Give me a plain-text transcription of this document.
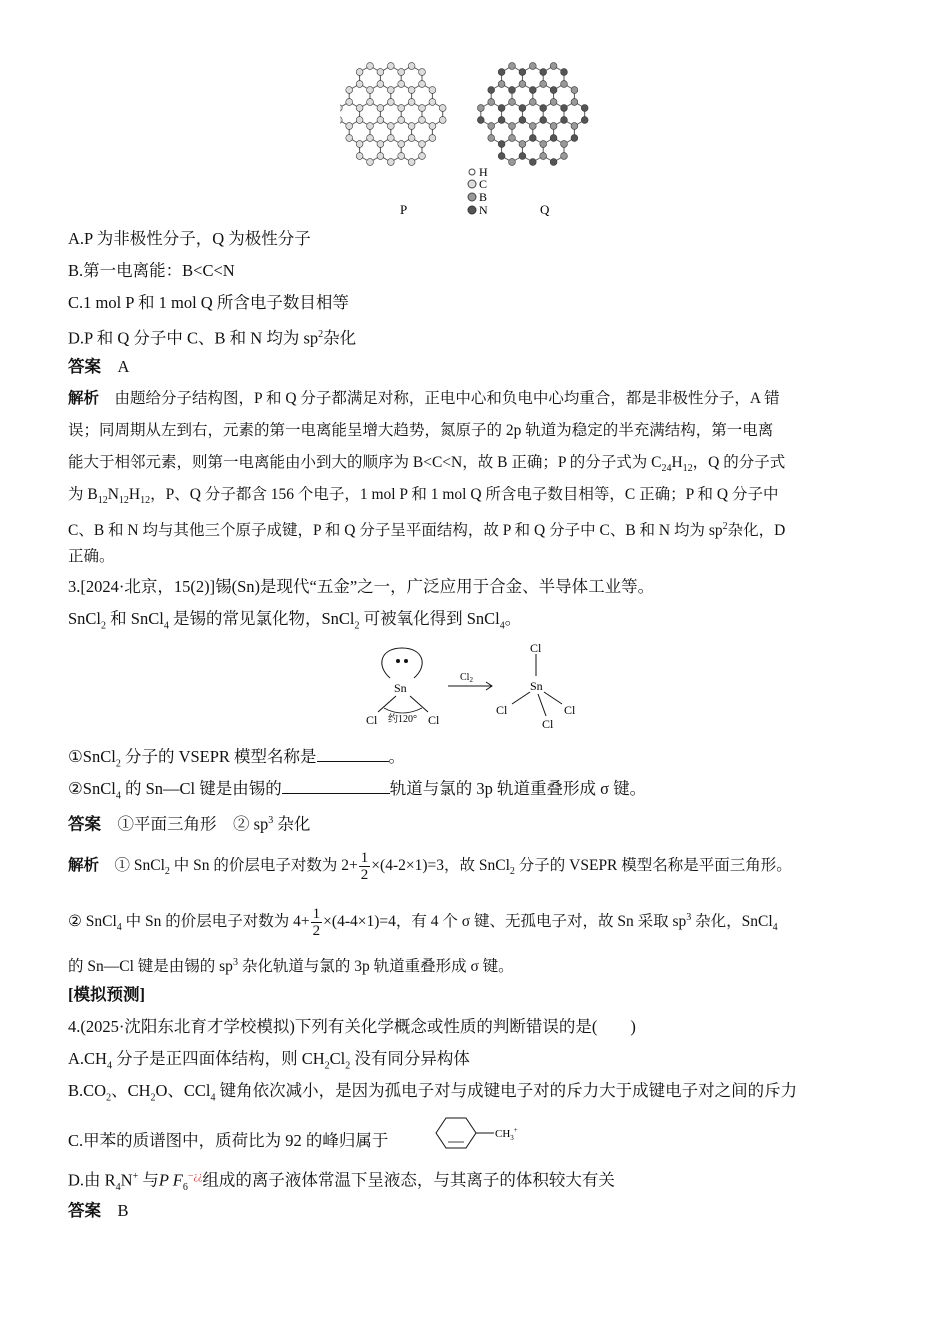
H
C
B
N
P	Q
A.P 为非极性分子，Q 为极性分子
B.第一电离能：B<C<N
C.1 mol P 和 1 mol Q 所含电子数目相等
D.P 和 Q 分子中 C、B 和 N 均为 $sp^2$杂化
答案　 A
解析　 由题给分子结构图，P 和 Q 分子都满足对称，正电中心和负电中心均重合，都是非极性分子，A 错
误；同周期从左到右，元素的第一电离能呈增大趋势，氮原子的 2p 轨道为稳定的半充满结构，第一电离
能大于相邻元素，则第一电离能由小到大的顺序为 B<C<N，故 B 正确；P 的分子式为 $C_{24}H_{12}$，Q 的分子式
为 $B_{12}N_{12}H_{12}$，P、Q 分子都含 156 个电子，1 mol P 和 1 mol Q 所含电子数目相等，C 正确；P 和 Q 分子中
C、B 和 N 均与其他三个原子成键，P 和 Q 分子呈平面结构，故 P 和 Q 分子中 C、B 和 N 均为 $sp^2$杂化，D
正确。
3.[2024·北京，15(2)]锡(Sn)是现代“五金”之一，广泛应用于合金、半导体工业等。
SnCl$_2$ 和 SnCl$_4$ 是锡的常见氯化物，SnCl$_2$ 可被氧化得到 SnCl$_4$。
Sn
Cl	Cl
约120°
$Cl_2$
Cl
Sn
Cl	Cl
Cl
①SnCl$_2$ 分子的 VSEPR 模型名称是	。
②SnCl$_4$ 的 Sn—Cl 键是由锡的	轨道与氯的 3p 轨道重叠形成 σ 键。
答案　 ①平面三角形　② $sp^3$ 杂化
解析　 ① SnCl$_2$ 中 Sn 的价层电子对数为 $2+ \frac{1}{2} \times(4-2\times 1)=3$，故 SnCl$_2$ 分子的 VSEPR 模型名称是平面三角形。
② SnCl$_4$ 中 Sn 的价层电子对数为 $4+ \frac{1}{2} \times(4-4\times 1)=4$，有 4 个 σ 键、无孤电子对，故 Sn 采取 $sp^3$ 杂化，SnCl$_4$
的 Sn—Cl 键是由锡的 $sp^3$ 杂化轨道与氯的 3p 轨道重叠形成 σ 键。
[模拟预测]
4.(2025·沈阳东北育才学校模拟)下列有关化学概念或性质的判断错误的是(　　)
$A.CH_4$ 分子是正四面体结构，则 $CH_2Cl_2$ 没有同分异构体
$B.CO_2$、$CH_2O$、CCl$_4$ 键角依次减小，是因为孤电子对与成键电子对的斥力大于成键电子对之间的斥力
C.甲苯的质谱图中，质荷比为 92 的峰归属于
D.由 $R_4N^+$ 与P $F_6^{-¿¿}$组成的离子液体常温下呈液态，与其离子的体积较大有关
答案　 B
$CH_3^+$
